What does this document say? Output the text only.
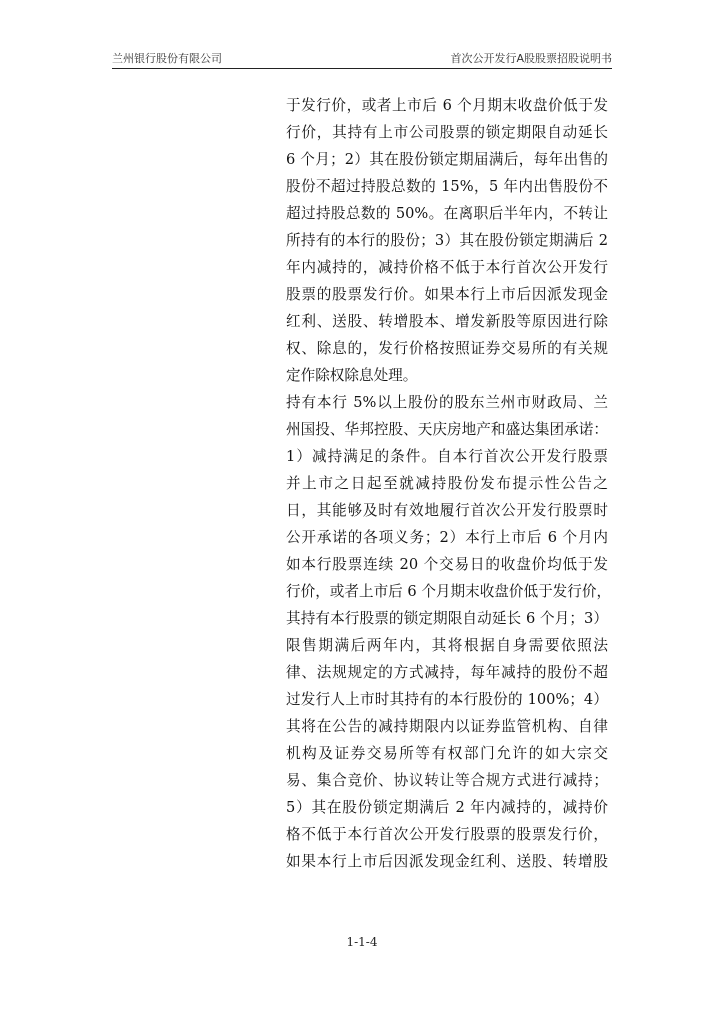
兰州银行股份有限公司	首次公开发行A股股票招股说明书
于发行价，或者上市后 6 个月期末收盘价低于发
行价，其持有上市公司股票的锁定期限自动延长
6 个月；2）其在股份锁定期届满后，每年出售的
股份不超过持股总数的 15%，5 年内出售股份不
超过持股总数的 50%。在离职后半年内，不转让
所持有的本行的股份；3）其在股份锁定期满后 2
年内减持的，减持价格不低于本行首次公开发行
股票的股票发行价。如果本行上市后因派发现金
红利、送股、转增股本、增发新股等原因进行除
权、除息的，发行价格按照证券交易所的有关规
定作除权除息处理。
持有本行 5%以上股份的股东兰州市财政局、兰
州国投、华邦控股、天庆房地产和盛达集团承诺：
1）减持满足的条件。自本行首次公开发行股票
并上市之日起至就减持股份发布提示性公告之
日，其能够及时有效地履行首次公开发行股票时
公开承诺的各项义务；2）本行上市后 6 个月内
如本行股票连续 20 个交易日的收盘价均低于发
行价，或者上市后 6 个月期末收盘价低于发行价，
其持有本行股票的锁定期限自动延长 6 个月；3）
限售期满后两年内，其将根据自身需要依照法
律、法规规定的方式减持，每年减持的股份不超
过发行人上市时其持有的本行股份的 100%；4）
其将在公告的减持期限内以证券监管机构、自律
机构及证券交易所等有权部门允许的如大宗交
易、集合竞价、协议转让等合规方式进行减持；
5）其在股份锁定期满后 2 年内减持的，减持价
格不低于本行首次公开发行股票的股票发行价，
如果本行上市后因派发现金红利、送股、转增股
1-1-4
